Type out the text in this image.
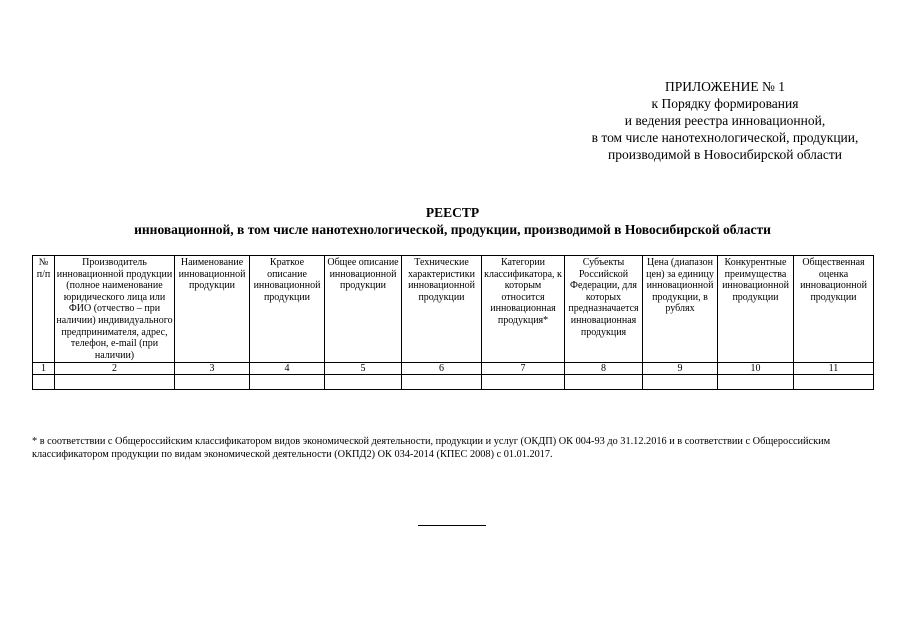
ПРИЛОЖЕНИЕ № 1
к Порядку формирования
и ведения реестра инновационной,
в том числе нанотехнологической, продукции,
производимой в Новосибирской области
РЕЕСТР
инновационной, в том числе нанотехнологической, продукции, производимой в Новосибирской области
№ п/п	Производитель инновационной продукции (полное наименование юридического лица или ФИО (отчество – при наличии) индивидуального предпринимателя, адрес, телефон, e-mail (при наличии)	Наименование инновационной продукции	Краткое описание инновационной продукции	Общее описание инновационной продукции	Технические характеристики инновационной продукции	Категории классификатора, к которым относится инновационная продукция*	Субъекты Российской Федерации, для которых предназначается инновационная продукция	Цена (диапазон цен) за единицу инновационной продукции, в рублях	Конкурентные преимущества инновационной продукции	Общественная оценка инновационной продукции
1	2	3	4	5	6	7	8	9	10	11

* в соответствии с Общероссийским классификатором видов экономической деятельности, продукции и услуг (ОКДП) ОК 004-93 до 31.12.2016 и в соответствии с Общероссийским
классификатором продукции по видам экономической деятельности (ОКПД2) ОК 034-2014 (КПЕС 2008) с 01.01.2017.
